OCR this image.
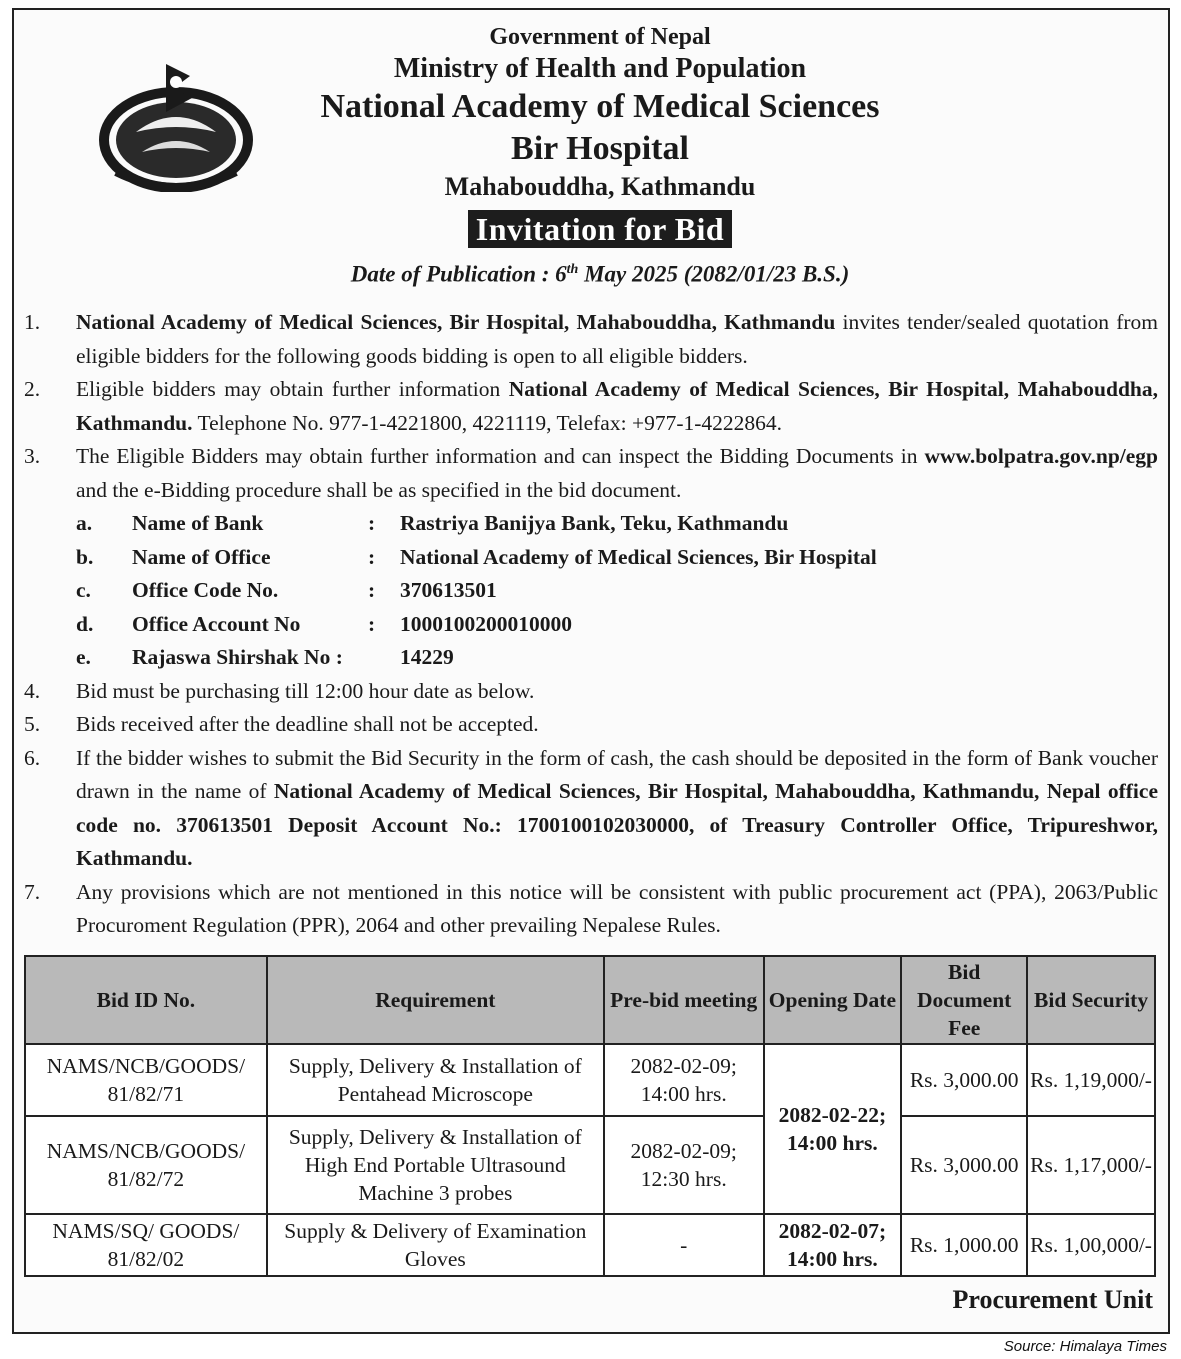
Government of Nepal
Ministry of Health and Population
National Academy of Medical Sciences
Bir Hospital
Mahabouddha, Kathmandu
Invitation for Bid
Date of Publication : 6th May 2025 (2082/01/23 B.S.)
1.	National Academy of Medical Sciences, Bir Hospital, Mahabouddha, Kathmandu invites tender/sealed quotation from eligible bidders for the following goods bidding is open to all eligible bidders.
2.	Eligible bidders may obtain further information National Academy of Medical Sciences, Bir Hospital, Mahabouddha, Kathmandu. Telephone No. 977-1-4221800, 4221119, Telefax: +977-1-4222864.
3.	The Eligible Bidders may obtain further information and can inspect the Bidding Documents in www.bolpatra.gov.np/egp and the e-Bidding procedure shall be as specified in the bid document.
a.	Name of Bank	:	Rastriya Banijya Bank, Teku, Kathmandu
b.	Name of Office	:	National Academy of Medical Sciences, Bir Hospital
c.	Office Code No.	:	370613501
d.	Office Account No	:	1000100200010000
e.	Rajaswa Shirshak No :	14229
4.	Bid must be purchasing till 12:00 hour date as below.
5.	Bids received after the deadline shall not be accepted.
6.	If the bidder wishes to submit the Bid Security in the form of cash, the cash should be deposited in the form of Bank voucher drawn in the name of National Academy of Medical Sciences, Bir Hospital, Mahabouddha, Kathmandu, Nepal office code no. 370613501 Deposit Account No.: 1700100102030000, of Treasury Controller Office, Tripureshwor, Kathmandu.
7.	Any provisions which are not mentioned in this notice will be consistent with public procurement act (PPA), 2063/Public Procuroment Regulation (PPR), 2064 and other prevailing Nepalese Rules.
Bid ID No.	Requirement	Pre-bid meeting	Opening Date	Bid Document Fee	Bid Security
NAMS/NCB/GOODS/ 81/82/71	Supply, Delivery & Installation of Pentahead Microscope	2082-02-09; 14:00 hrs.	2082-02-22; 14:00 hrs.	Rs. 3,000.00	Rs. 1,19,000/-
NAMS/NCB/GOODS/ 81/82/72	Supply, Delivery & Installation of High End Portable Ultrasound Machine 3 probes	2082-02-09; 12:30 hrs.		Rs. 3,000.00	Rs. 1,17,000/-
NAMS/SQ/ GOODS/ 81/82/02	Supply & Delivery of Examination Gloves	-	2082-02-07; 14:00 hrs.	Rs. 1,000.00	Rs. 1,00,000/-
Procurement Unit
Source: Himalaya Times
